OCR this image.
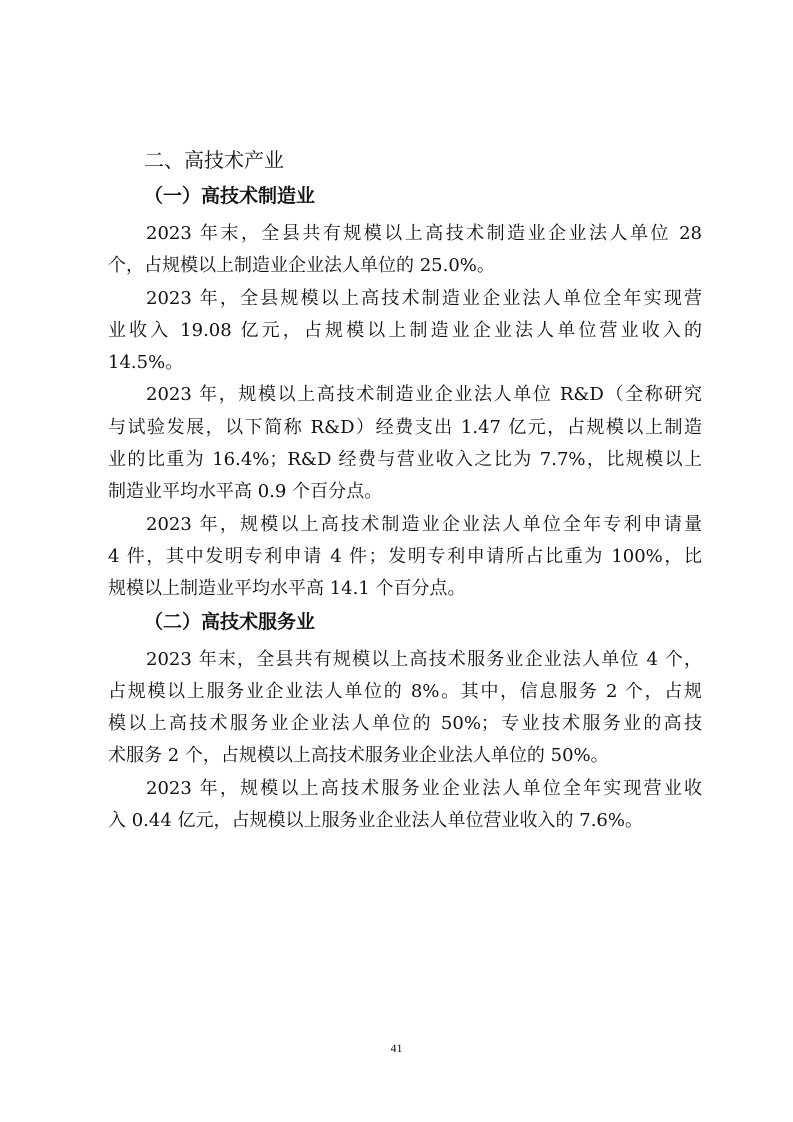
二、高技术产业
（一）高技术制造业

2023 年末，全县共有规模以上高技术制造业企业法人单位 28
个，占规模以上制造业企业法人单位的 25.0%。

2023 年，全县规模以上高技术制造业企业法人单位全年实现营
业收入 19.08 亿元，占规模以上制造业企业法人单位营业收入的
14.5%。

2023 年，规模以上高技术制造业企业法人单位 R&D（全称研究
与试验发展，以下简称 R&D）经费支出 1.47 亿元，占规模以上制造
业的比重为 16.4%；R&D 经费与营业收入之比为 7.7%，比规模以上
制造业平均水平高 0.9 个百分点。

2023 年，规模以上高技术制造业企业法人单位全年专利申请量
4 件，其中发明专利申请 4 件；发明专利申请所占比重为 100%，比
规模以上制造业平均水平高 14.1 个百分点。

（二）高技术服务业

2023 年末，全县共有规模以上高技术服务业企业法人单位 4 个，
占规模以上服务业企业法人单位的 8%。其中，信息服务 2 个，占规
模以上高技术服务业企业法人单位的 50%；专业技术服务业的高技
术服务 2 个，占规模以上高技术服务业企业法人单位的 50%。

2023 年，规模以上高技术服务业企业法人单位全年实现营业收
入 0.44 亿元，占规模以上服务业企业法人单位营业收入的 7.6%。

41
